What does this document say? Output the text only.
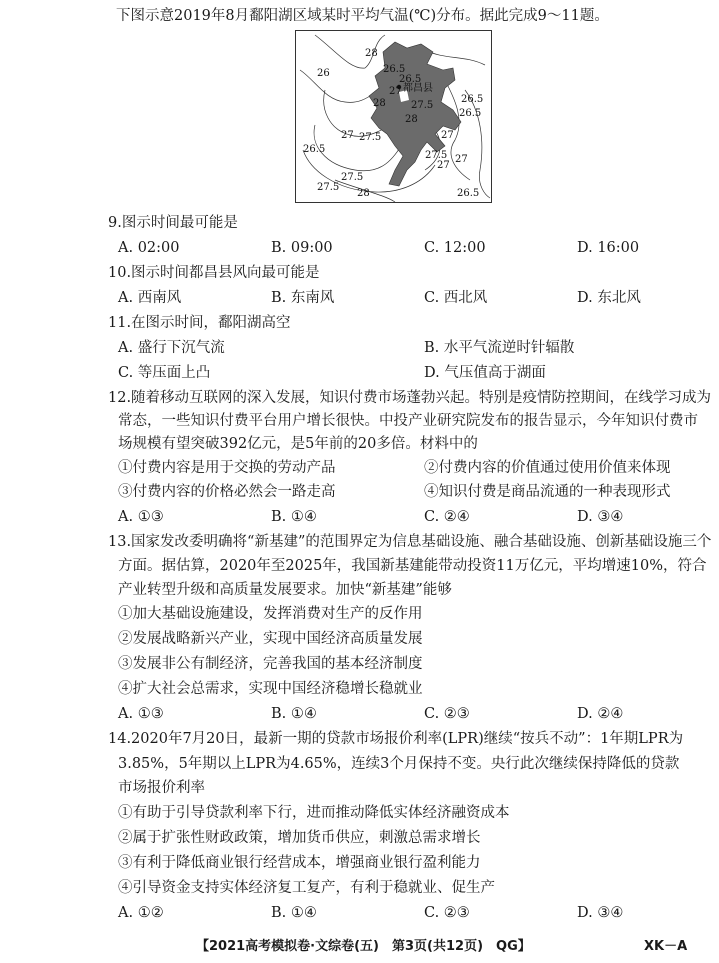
下图示意2019年8月鄱阳湖区域某时平均气温(℃)分布。据此完成9～11题。
都昌县
28
26.5
26
26.5
27
28	27.5
26.5
26.5
28
27 27.5	27
26.5
27
27.5
27
27.5
28
27.5
26.5
9.图示时间最可能是
A. 02:00	B. 09:00	C. 12:00	D. 16:00
10.图示时间都昌县风向最可能是
A. 西南风	B. 东南风	C. 西北风	D. 东北风
11.在图示时间，鄱阳湖高空
A. 盛行下沉气流	B. 水平气流逆时针辐散
C. 等压面上凸	D. 气压值高于湖面
12.随着移动互联网的深入发展，知识付费市场蓬勃兴起。特别是疫情防控期间，在线学习成为
常态，一些知识付费平台用户增长很快。中投产业研究院发布的报告显示，今年知识付费市
场规模有望突破392亿元，是5年前的20多倍。材料中的
①付费内容是用于交换的劳动产品	②付费内容的价值通过使用价值来体现
③付费内容的价格必然会一路走高	④知识付费是商品流通的一种表现形式
A. ①③	B. ①④	C. ②④	D. ③④
13.国家发改委明确将“新基建”的范围界定为信息基础设施、融合基础设施、创新基础设施三个
方面。据估算，2020年至2025年，我国新基建能带动投资11万亿元，平均增速10%，符合
产业转型升级和高质量发展要求。加快“新基建”能够
①加大基础设施建设，发挥消费对生产的反作用
②发展战略新兴产业，实现中国经济高质量发展
③发展非公有制经济，完善我国的基本经济制度
④扩大社会总需求，实现中国经济稳增长稳就业
A. ①③	B. ①④	C. ②③	D. ②④
14.2020年7月20日，最新一期的贷款市场报价利率(LPR)继续“按兵不动”：1年期LPR为
3.85%，5年期以上LPR为4.65%，连续3个月保持不变。央行此次继续保持降低的贷款
市场报价利率
①有助于引导贷款利率下行，进而推动降低实体经济融资成本
②属于扩张性财政政策，增加货币供应，刺激总需求增长
③有利于降低商业银行经营成本，增强商业银行盈利能力
④引导资金支持实体经济复工复产，有利于稳就业、促生产
A. ①②	B. ①④	C. ②③	D. ③④
【2021高考模拟卷·文综卷(五)　第3页(共12页)　QG】	XK－A
